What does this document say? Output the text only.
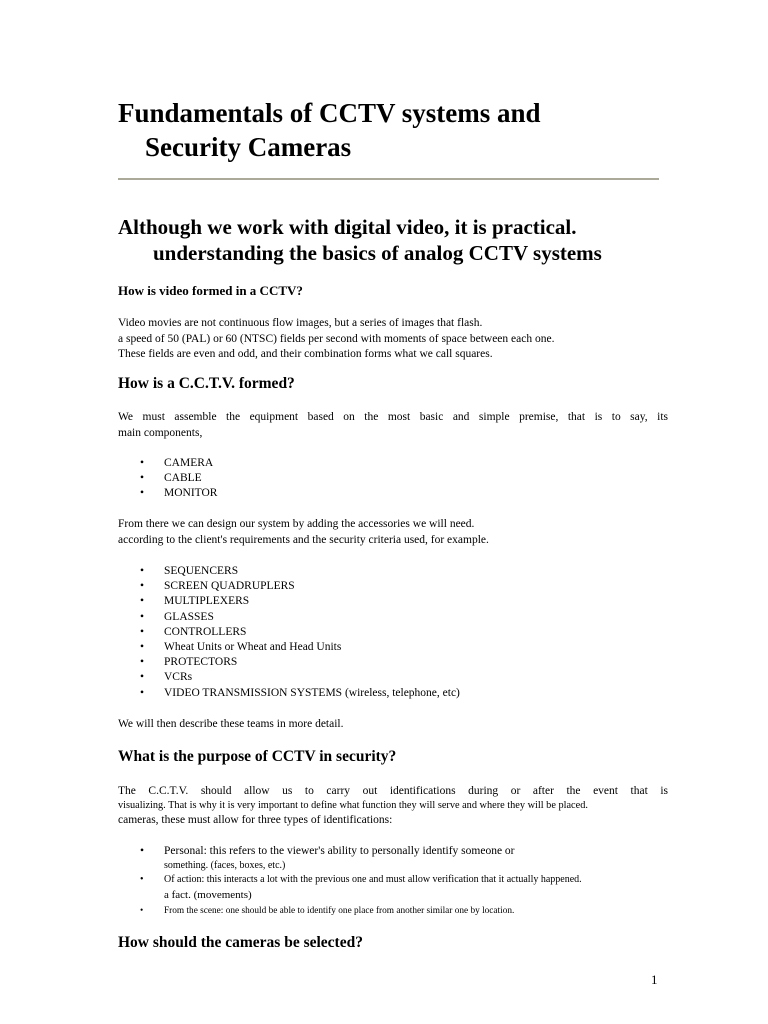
Fundamentals of CCTV systems and
Security Cameras
Although we work with digital video, it is practical.
understanding the basics of analog CCTV systems
How is video formed in a CCTV?
Video movies are not continuous flow images, but a series of images that flash.
a speed of 50 (PAL) or 60 (NTSC) fields per second with moments of space between each one.
These fields are even and odd, and their combination forms what we call squares.
How is a C.C.T.V. formed?
We must assemble the equipment based on the most basic and simple premise, that is to say, its
main components,
• CAMERA
• CABLE
• MONITOR
From there we can design our system by adding the accessories we will need.
according to the client's requirements and the security criteria used, for example.
• SEQUENCERS
• SCREEN QUADRUPLERS
• MULTIPLEXERS
• GLASSES
• CONTROLLERS
• Wheat Units or Wheat and Head Units
• PROTECTORS
• VCRs
• VIDEO TRANSMISSION SYSTEMS (wireless, telephone, etc)
We will then describe these teams in more detail.
What is the purpose of CCTV in security?
The C.C.T.V. should allow us to carry out identifications during or after the event that is
visualizing. That is why it is very important to define what function they will serve and where they will be placed.
cameras, these must allow for three types of identifications:
• Personal: this refers to the viewer's ability to personally identify someone or
something. (faces, boxes, etc.)
• Of action: this interacts a lot with the previous one and must allow verification that it actually happened.
a fact. (movements)
• From the scene: one should be able to identify one place from another similar one by location.
How should the cameras be selected?
1
